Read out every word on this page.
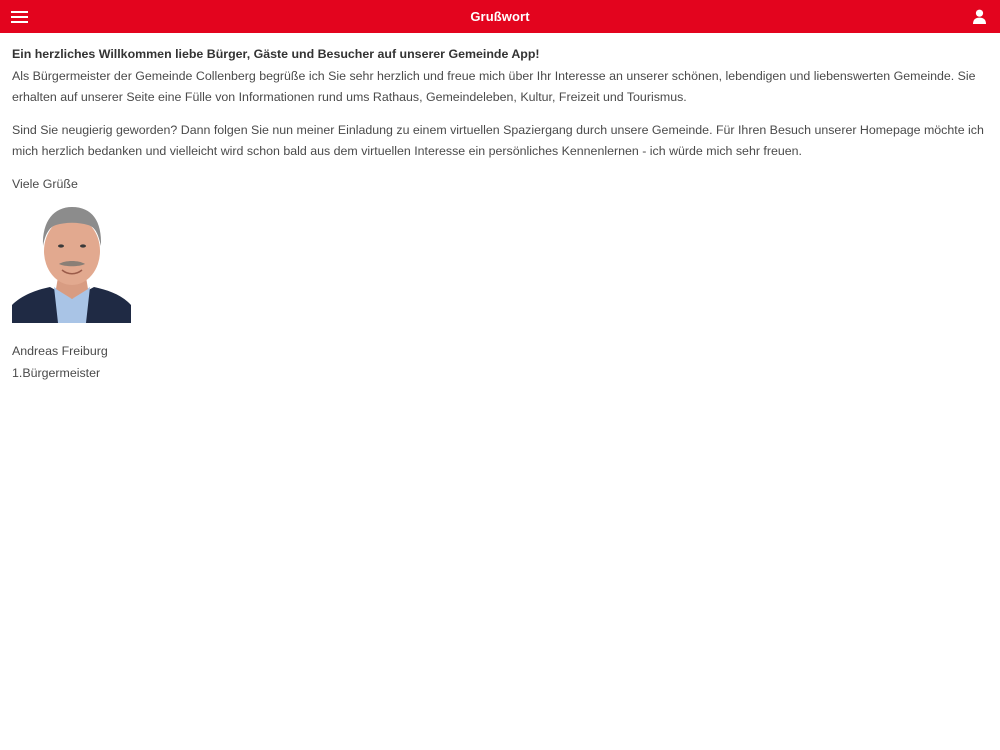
Grußwort

Ein herzliches Willkommen liebe Bürger, Gäste und Besucher auf unserer Gemeinde App!

Als Bürgermeister der Gemeinde Collenberg begrüße ich Sie sehr herzlich und freue mich über Ihr Interesse an unserer schönen, lebendigen und liebenswerten Gemeinde. Sie erhalten auf unserer Seite eine Fülle von Informationen rund ums Rathaus, Gemeindeleben, Kultur, Freizeit und Tourismus.

Sind Sie neugierig geworden? Dann folgen Sie nun meiner Einladung zu einem virtuellen Spaziergang durch unsere Gemeinde. Für Ihren Besuch unserer Homepage möchte ich mich herzlich bedanken und vielleicht wird schon bald aus dem virtuellen Interesse ein persönliches Kennenlernen - ich würde mich sehr freuen.

Viele Grüße

Andreas Freiburg

1.Bürgermeister
